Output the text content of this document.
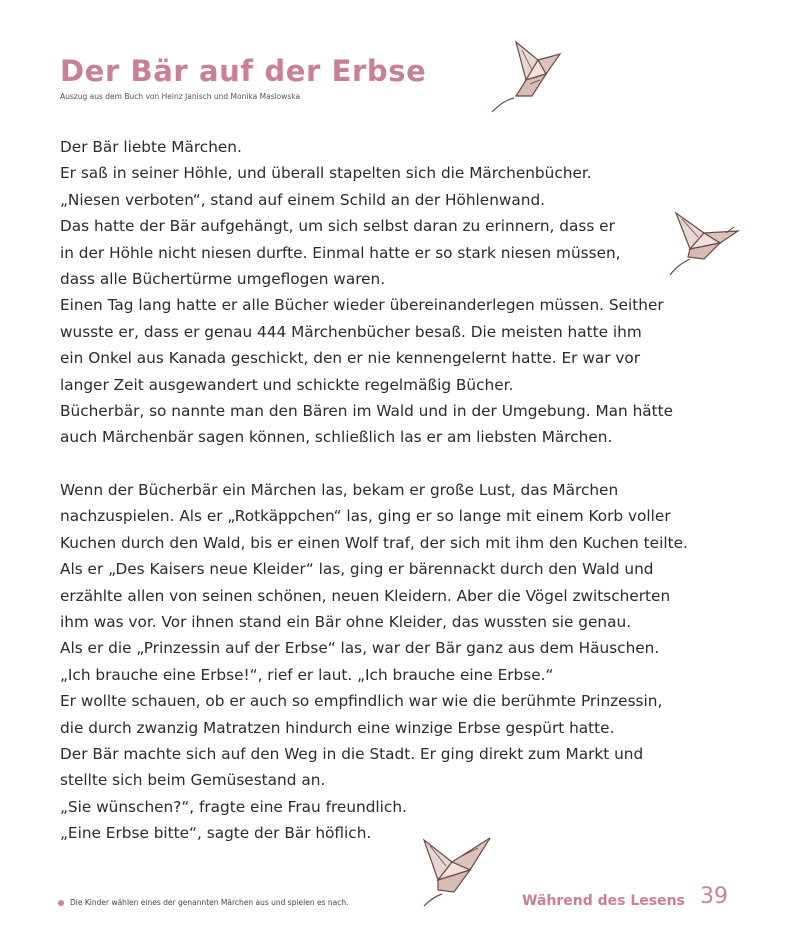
Der Bär auf der Erbse
Auszug aus dem Buch von Heinz Janisch und Monika Maslowska
Der Bär liebte Märchen.
Er saß in seiner Höhle, und überall stapelten sich die Märchenbücher.
„Niesen verboten“, stand auf einem Schild an der Höhlenwand.
Das hatte der Bär aufgehängt, um sich selbst daran zu erinnern, dass er
in der Höhle nicht niesen durfte. Einmal hatte er so stark niesen müssen,
dass alle Büchertürme umgeflogen waren.
Einen Tag lang hatte er alle Bücher wieder übereinanderlegen müssen. Seither
wusste er, dass er genau 444 Märchenbücher besaß. Die meisten hatte ihm
ein Onkel aus Kanada geschickt, den er nie kennengelernt hatte. Er war vor
langer Zeit ausgewandert und schickte regelmäßig Bücher.
Bücherbär, so nannte man den Bären im Wald und in der Umgebung. Man hätte
auch Märchenbär sagen können, schließlich las er am liebsten Märchen.
Wenn der Bücherbär ein Märchen las, bekam er große Lust, das Märchen
nachzuspielen. Als er „Rotkäppchen“ las, ging er so lange mit einem Korb voller
Kuchen durch den Wald, bis er einen Wolf traf, der sich mit ihm den Kuchen teilte.
Als er „Des Kaisers neue Kleider“ las, ging er bärennackt durch den Wald und
erzählte allen von seinen schönen, neuen Kleidern. Aber die Vögel zwitscherten
ihm was vor. Vor ihnen stand ein Bär ohne Kleider, das wussten sie genau.
Als er die „Prinzessin auf der Erbse“ las, war der Bär ganz aus dem Häuschen.
„Ich brauche eine Erbse!“, rief er laut. „Ich brauche eine Erbse.“
Er wollte schauen, ob er auch so empfindlich war wie die berühmte Prinzessin,
die durch zwanzig Matratzen hindurch eine winzige Erbse gespürt hatte.
Der Bär machte sich auf den Weg in die Stadt. Er ging direkt zum Markt und
stellte sich beim Gemüsestand an.
„Sie wünschen?“, fragte eine Frau freundlich.
„Eine Erbse bitte“, sagte der Bär höflich.
Die Kinder wählen eines der genannten Märchen aus und spielen es nach.	Während des Lesens 39
